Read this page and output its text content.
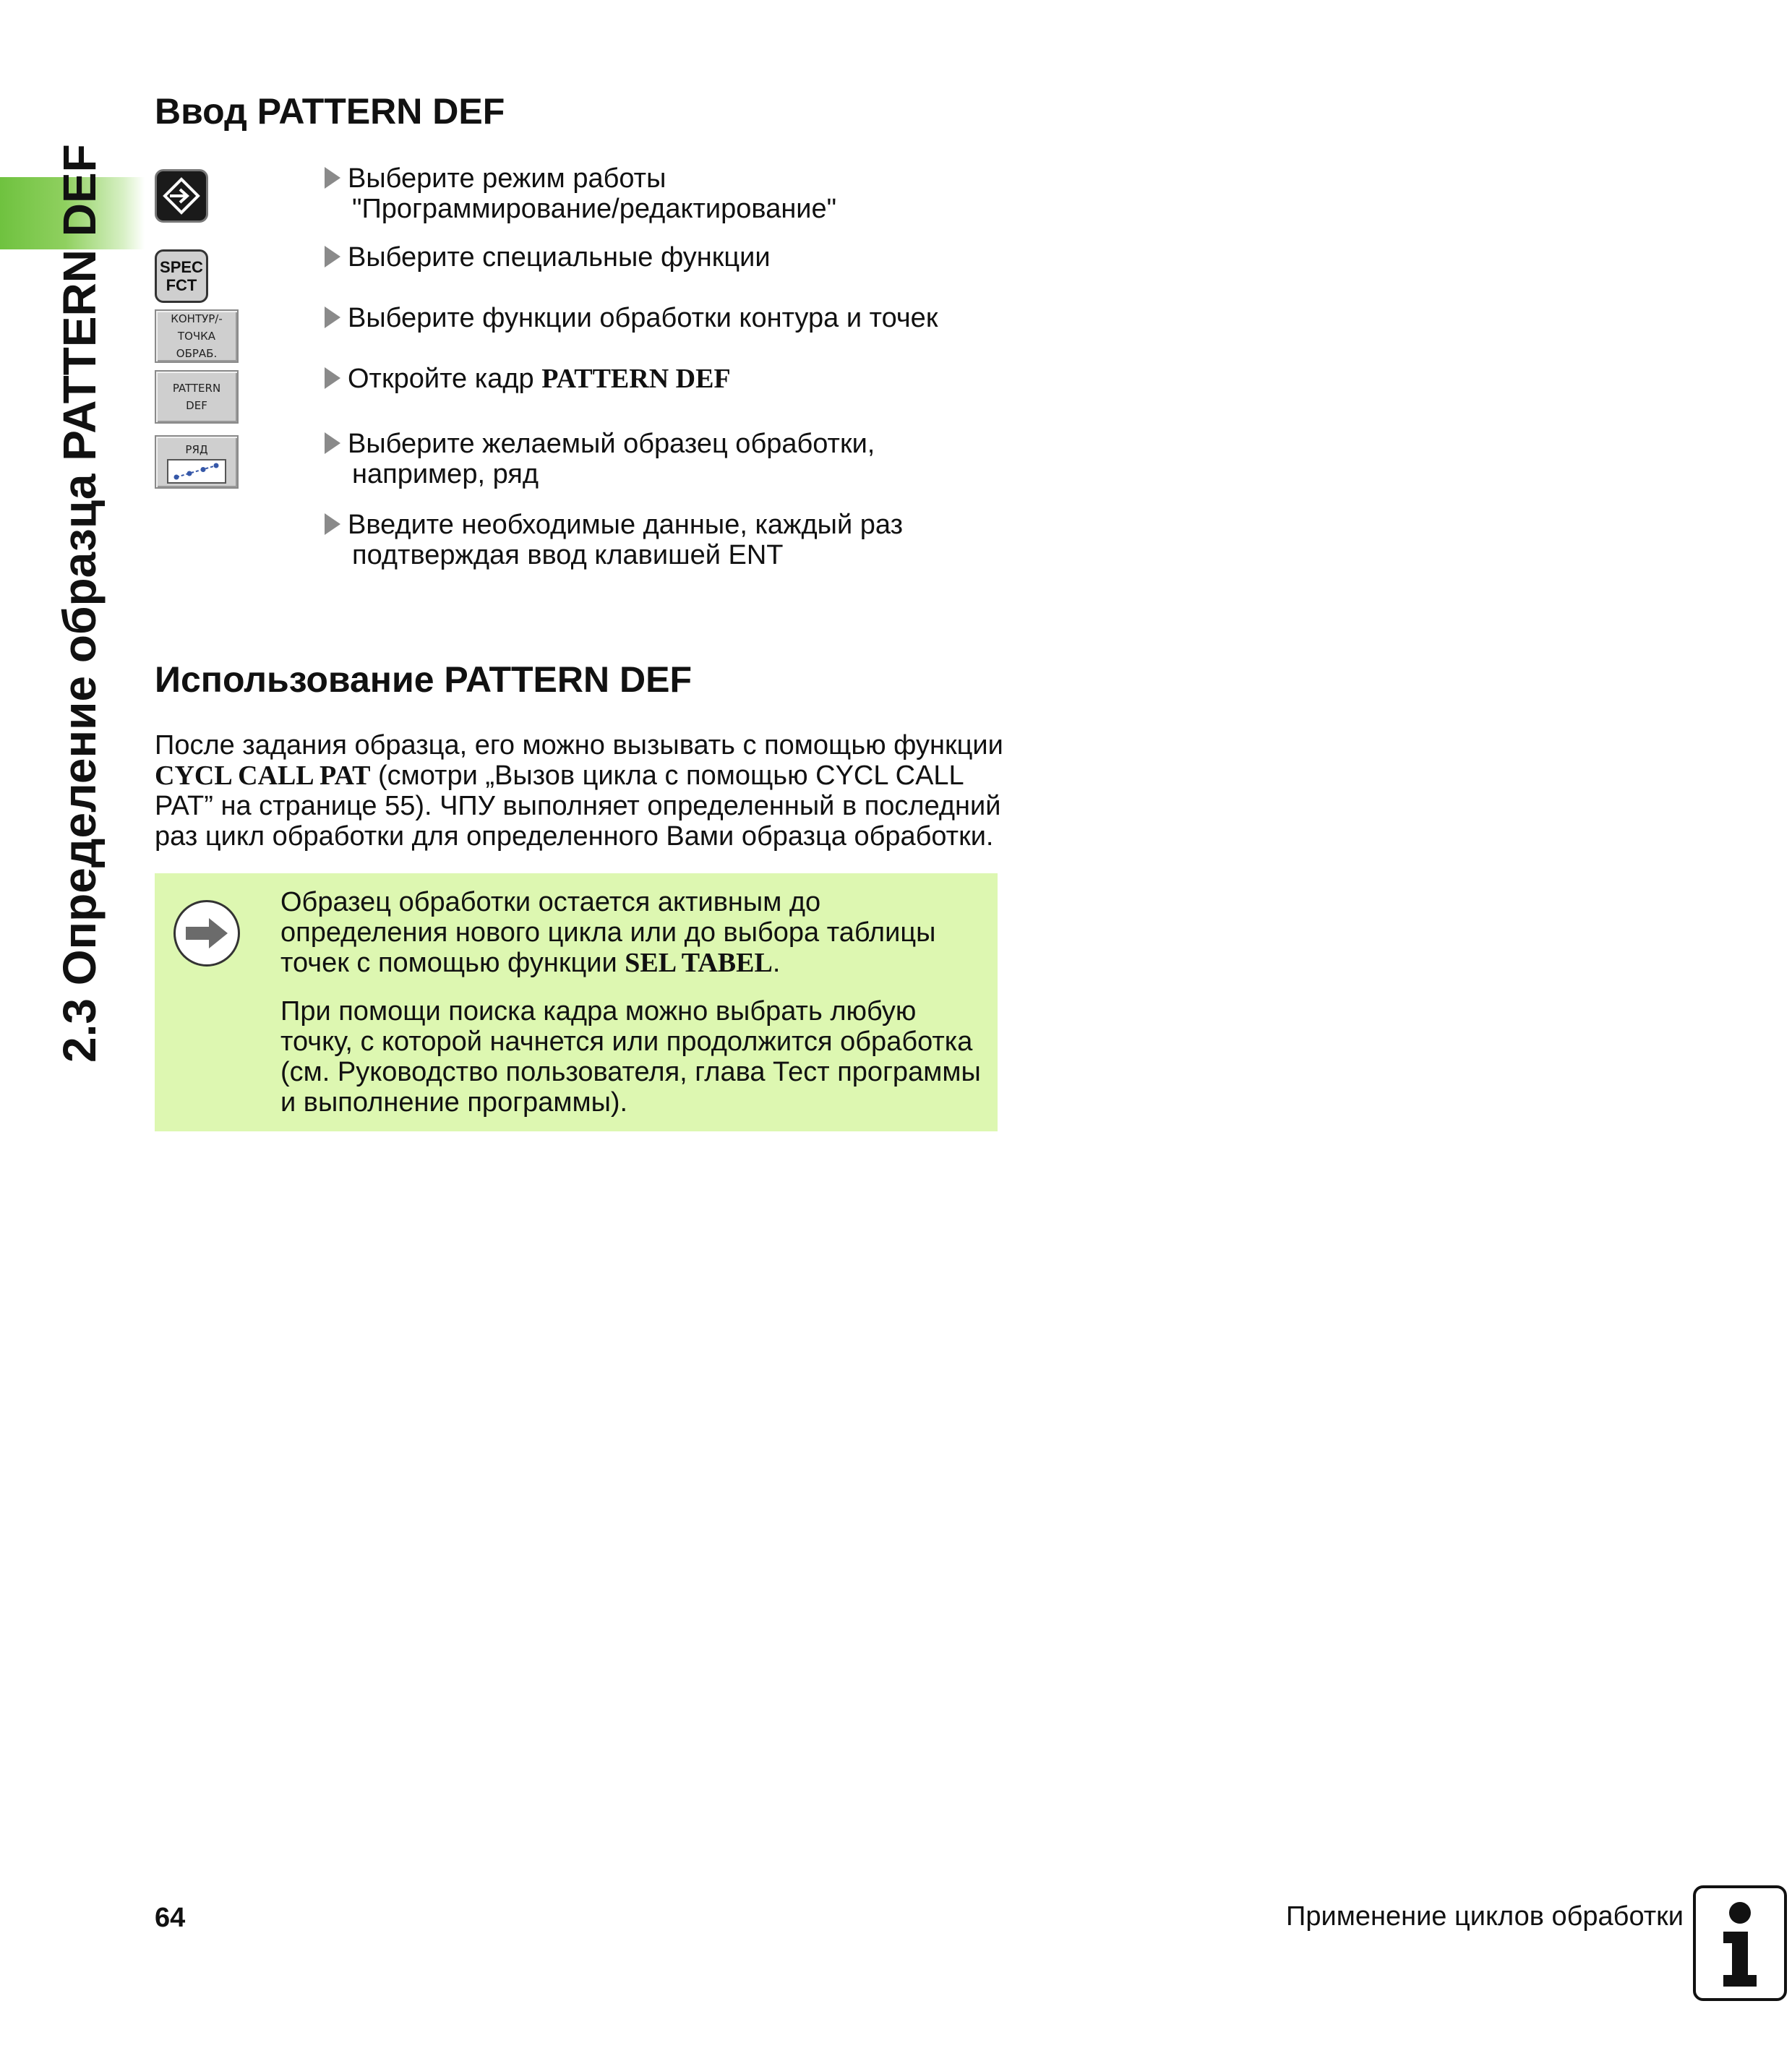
2.3 Определение образца PATTERN DEF
Ввод PATTERN DEF
SPEC
FCT
КОНТУР/-
ТОЧКА
ОБРАБ.
PATTERN
DEF
РЯД
Выберите режим работы
"Программирование/редактирование"
Выберите специальные функции
Выберите функции обработки контура и точек
Откройте кадр PATTERN DEF
Выберите желаемый образец обработки,
например, ряд
Введите необходимые данные, каждый раз
подтверждая ввод клавишей ENT
Использование PATTERN DEF
После задания образца, его можно вызывать с помощью функции
CYCL CALL PAT (смотри „Вызов цикла с помощью CYCL CALL
PAT” на странице 55). ЧПУ выполняет определенный в последний
раз цикл обработки для определенного Вами образца обработки.
Образец обработки остается активным до
определения нового цикла или до выбора таблицы
точек с помощью функции SEL TABEL.
При помощи поиска кадра можно выбрать любую
точку, с которой начнется или продолжится обработка
(см. Руководство пользователя, глава Тест программы
и выполнение программы).
64	Применение циклов обработки
